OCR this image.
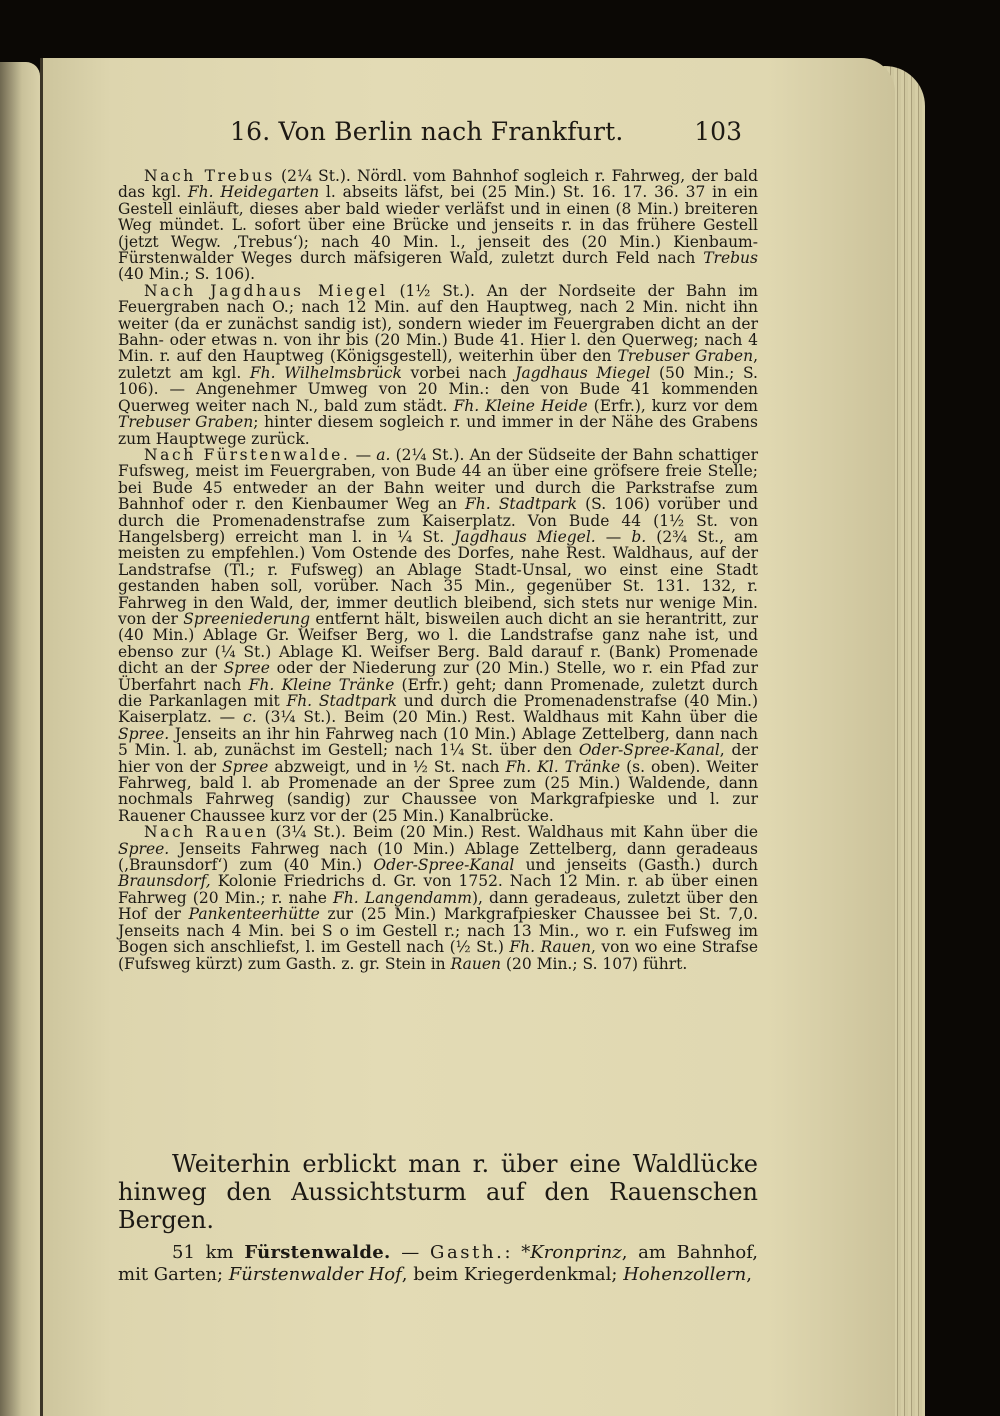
16. Von Berlin nach Frankfurt.	103

Nach Trebus (2¼ St.). Nördl. vom Bahnhof sogleich r. Fahrweg, der bald das kgl. Fh. Heidegarten l. abseits läfst, bei (25 Min.) St. 16. 17. 36. 37 in ein Gestell einläuft, dieses aber bald wieder verläfst und in einen (8 Min.) breiteren Weg mündet. L. sofort über eine Brücke und jenseits r. in das frühere Gestell (jetzt Wegw. ‚Trebus‘); nach 40 Min. l., jenseit des (20 Min.) Kienbaum-Fürstenwalder Weges durch mäfsigeren Wald, zuletzt durch Feld nach Trebus (40 Min.; S. 106).

Nach Jagdhaus Miegel (1½ St.). An der Nordseite der Bahn im Feuergraben nach O.; nach 12 Min. auf den Hauptweg, nach 2 Min. nicht ihn weiter (da er zunächst sandig ist), sondern wieder im Feuergraben dicht an der Bahn- oder etwas n. von ihr bis (20 Min.) Bude 41. Hier l. den Querweg; nach 4 Min. r. auf den Hauptweg (Königsgestell), weiterhin über den Trebuser Graben, zuletzt am kgl. Fh. Wilhelmsbrück vorbei nach Jagdhaus Miegel (50 Min.; S. 106). — Angenehmer Umweg von 20 Min.: den von Bude 41 kommenden Querweg weiter nach N., bald zum städt. Fh. Kleine Heide (Erfr.), kurz vor dem Trebuser Graben; hinter diesem sogleich r. und immer in der Nähe des Grabens zum Hauptwege zurück.

Nach Fürstenwalde. — a. (2¼ St.). An der Südseite der Bahn schattiger Fufsweg, meist im Feuergraben, von Bude 44 an über eine gröfsere freie Stelle; bei Bude 45 entweder an der Bahn weiter und durch die Parkstrafse zum Bahnhof oder r. den Kienbaumer Weg an Fh. Stadtpark (S. 106) vorüber und durch die Promenadenstrafse zum Kaiserplatz. Von Bude 44 (1½ St. von Hangelsberg) erreicht man l. in ¼ St. Jagdhaus Miegel. — b. (2¾ St., am meisten zu empfehlen.) Vom Ostende des Dorfes, nahe Rest. Waldhaus, auf der Landstrafse (Tl.; r. Fufsweg) an Ablage Stadt-Unsal, wo einst eine Stadt gestanden haben soll, vorüber. Nach 35 Min., gegenüber St. 131. 132, r. Fahrweg in den Wald, der, immer deutlich bleibend, sich stets nur wenige Min. von der Spreeniederung entfernt hält, bisweilen auch dicht an sie herantritt, zur (40 Min.) Ablage Gr. Weifser Berg, wo l. die Landstrafse ganz nahe ist, und ebenso zur (¼ St.) Ablage Kl. Weifser Berg. Bald darauf r. (Bank) Promenade dicht an der Spree oder der Niederung zur (20 Min.) Stelle, wo r. ein Pfad zur Überfahrt nach Fh. Kleine Tränke (Erfr.) geht; dann Promenade, zuletzt durch die Parkanlagen mit Fh. Stadtpark und durch die Promenadenstrafse (40 Min.) Kaiserplatz. — c. (3¼ St.). Beim (20 Min.) Rest. Waldhaus mit Kahn über die Spree. Jenseits an ihr hin Fahrweg nach (10 Min.) Ablage Zettelberg, dann nach 5 Min. l. ab, zunächst im Gestell; nach 1¼ St. über den Oder-Spree-Kanal, der hier von der Spree abzweigt, und in ½ St. nach Fh. Kl. Tränke (s. oben). Weiter Fahrweg, bald l. ab Promenade an der Spree zum (25 Min.) Waldende, dann nochmals Fahrweg (sandig) zur Chaussee von Markgrafpieske und l. zur Rauener Chaussee kurz vor der (25 Min.) Kanalbrücke.

Nach Rauen (3¼ St.). Beim (20 Min.) Rest. Waldhaus mit Kahn über die Spree. Jenseits Fahrweg nach (10 Min.) Ablage Zettelberg, dann geradeaus (‚Braunsdorf‘) zum (40 Min.) Oder-Spree-Kanal und jenseits (Gasth.) durch Braunsdorf, Kolonie Friedrichs d. Gr. von 1752. Nach 12 Min. r. ab über einen Fahrweg (20 Min.; r. nahe Fh. Langendamm), dann geradeaus, zuletzt über den Hof der Pankenteerhütte zur (25 Min.) Markgrafpiesker Chaussee bei St. 7,0. Jenseits nach 4 Min. bei S o im Gestell r.; nach 13 Min., wo r. ein Fufsweg im Bogen sich anschliefst, l. im Gestell nach (½ St.) Fh. Rauen, von wo eine Strafse (Fufsweg kürzt) zum Gasth. z. gr. Stein in Rauen (20 Min.; S. 107) führt.

Weiterhin erblickt man r. über eine Waldlücke hinweg den Aussichtsturm auf den Rauenschen Bergen.

51 km Fürstenwalde. — Gasth.: *Kronprinz, am Bahnhof, mit Garten; Fürstenwalder Hof, beim Kriegerdenkmal; Hohenzollern,
